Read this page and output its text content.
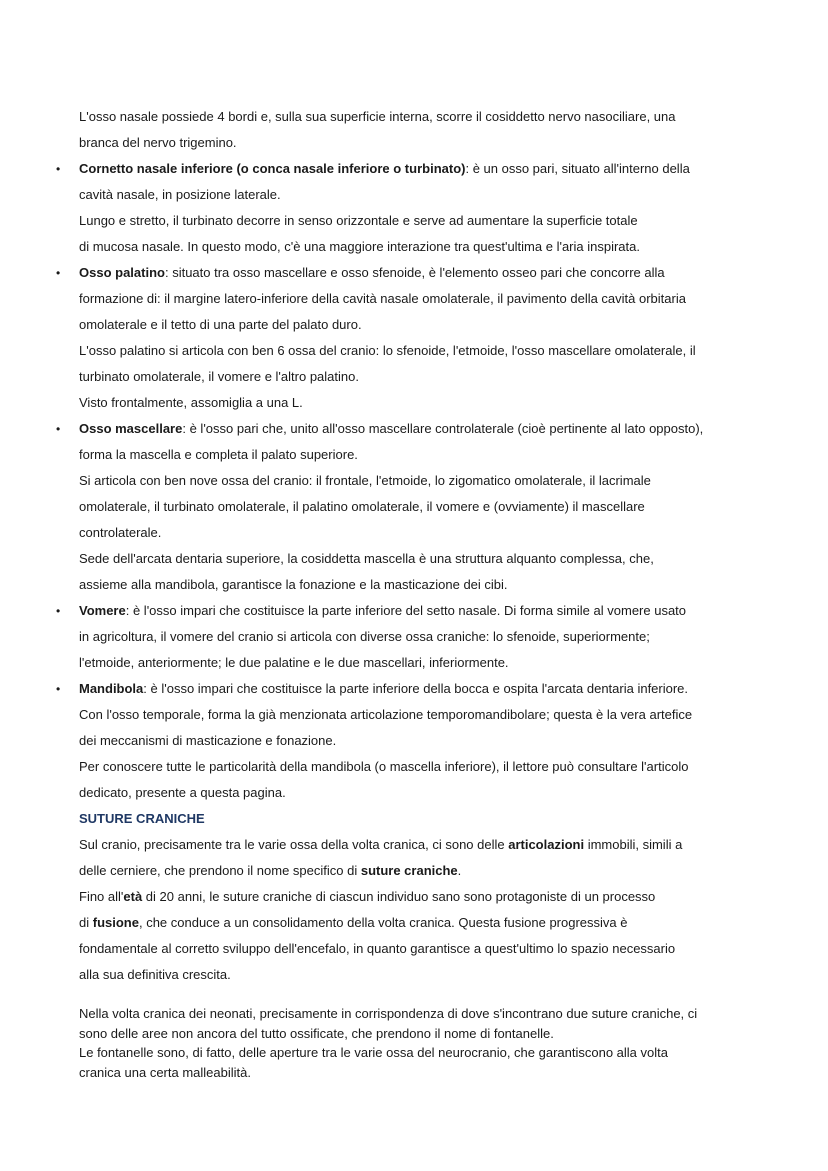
L'osso nasale possiede 4 bordi e, sulla sua superficie interna, scorre il cosiddetto nervo nasociliare, una
branca del nervo trigemino.
• Cornetto nasale inferiore (o conca nasale inferiore o turbinato): è un osso pari, situato all'interno della
cavità nasale, in posizione laterale.
Lungo e stretto, il turbinato decorre in senso orizzontale e serve ad aumentare la superficie totale
di mucosa nasale. In questo modo, c'è una maggiore interazione tra quest'ultima e l'aria inspirata.
• Osso palatino: situato tra osso mascellare e osso sfenoide, è l'elemento osseo pari che concorre alla
formazione di: il margine latero-inferiore della cavità nasale omolaterale, il pavimento della cavità orbitaria
omolaterale e il tetto di una parte del palato duro.
L'osso palatino si articola con ben 6 ossa del cranio: lo sfenoide, l'etmoide, l'osso mascellare omolaterale, il
turbinato omolaterale, il vomere e l'altro palatino.
Visto frontalmente, assomiglia a una L.
• Osso mascellare: è l'osso pari che, unito all'osso mascellare controlaterale (cioè pertinente al lato opposto),
forma la mascella e completa il palato superiore.
Si articola con ben nove ossa del cranio: il frontale, l'etmoide, lo zigomatico omolaterale, il lacrimale
omolaterale, il turbinato omolaterale, il palatino omolaterale, il vomere e (ovviamente) il mascellare
controlaterale.
Sede dell'arcata dentaria superiore, la cosiddetta mascella è una struttura alquanto complessa, che,
assieme alla mandibola, garantisce la fonazione e la masticazione dei cibi.
• Vomere: è l'osso impari che costituisce la parte inferiore del setto nasale. Di forma simile al vomere usato
in agricoltura, il vomere del cranio si articola con diverse ossa craniche: lo sfenoide, superiormente;
l'etmoide, anteriormente; le due palatine e le due mascellari, inferiormente.
• Mandibola: è l'osso impari che costituisce la parte inferiore della bocca e ospita l'arcata dentaria inferiore.
Con l'osso temporale, forma la già menzionata articolazione temporomandibolare; questa è la vera artefice
dei meccanismi di masticazione e fonazione.
Per conoscere tutte le particolarità della mandibola (o mascella inferiore), il lettore può consultare l'articolo
dedicato, presente a questa pagina.
SUTURE CRANICHE
Sul cranio, precisamente tra le varie ossa della volta cranica, ci sono delle articolazioni immobili, simili a
delle cerniere, che prendono il nome specifico di suture craniche.
Fino all'età di 20 anni, le suture craniche di ciascun individuo sano sono protagoniste di un processo
di fusione, che conduce a un consolidamento della volta cranica. Questa fusione progressiva è
fondamentale al corretto sviluppo dell'encefalo, in quanto garantisce a quest'ultimo lo spazio necessario
alla sua definitiva crescita.
Nella volta cranica dei neonati, precisamente in corrispondenza di dove s'incontrano due suture craniche, ci
sono delle aree non ancora del tutto ossificate, che prendono il nome di fontanelle.
Le fontanelle sono, di fatto, delle aperture tra le varie ossa del neurocranio, che garantiscono alla volta
cranica una certa malleabilità.
